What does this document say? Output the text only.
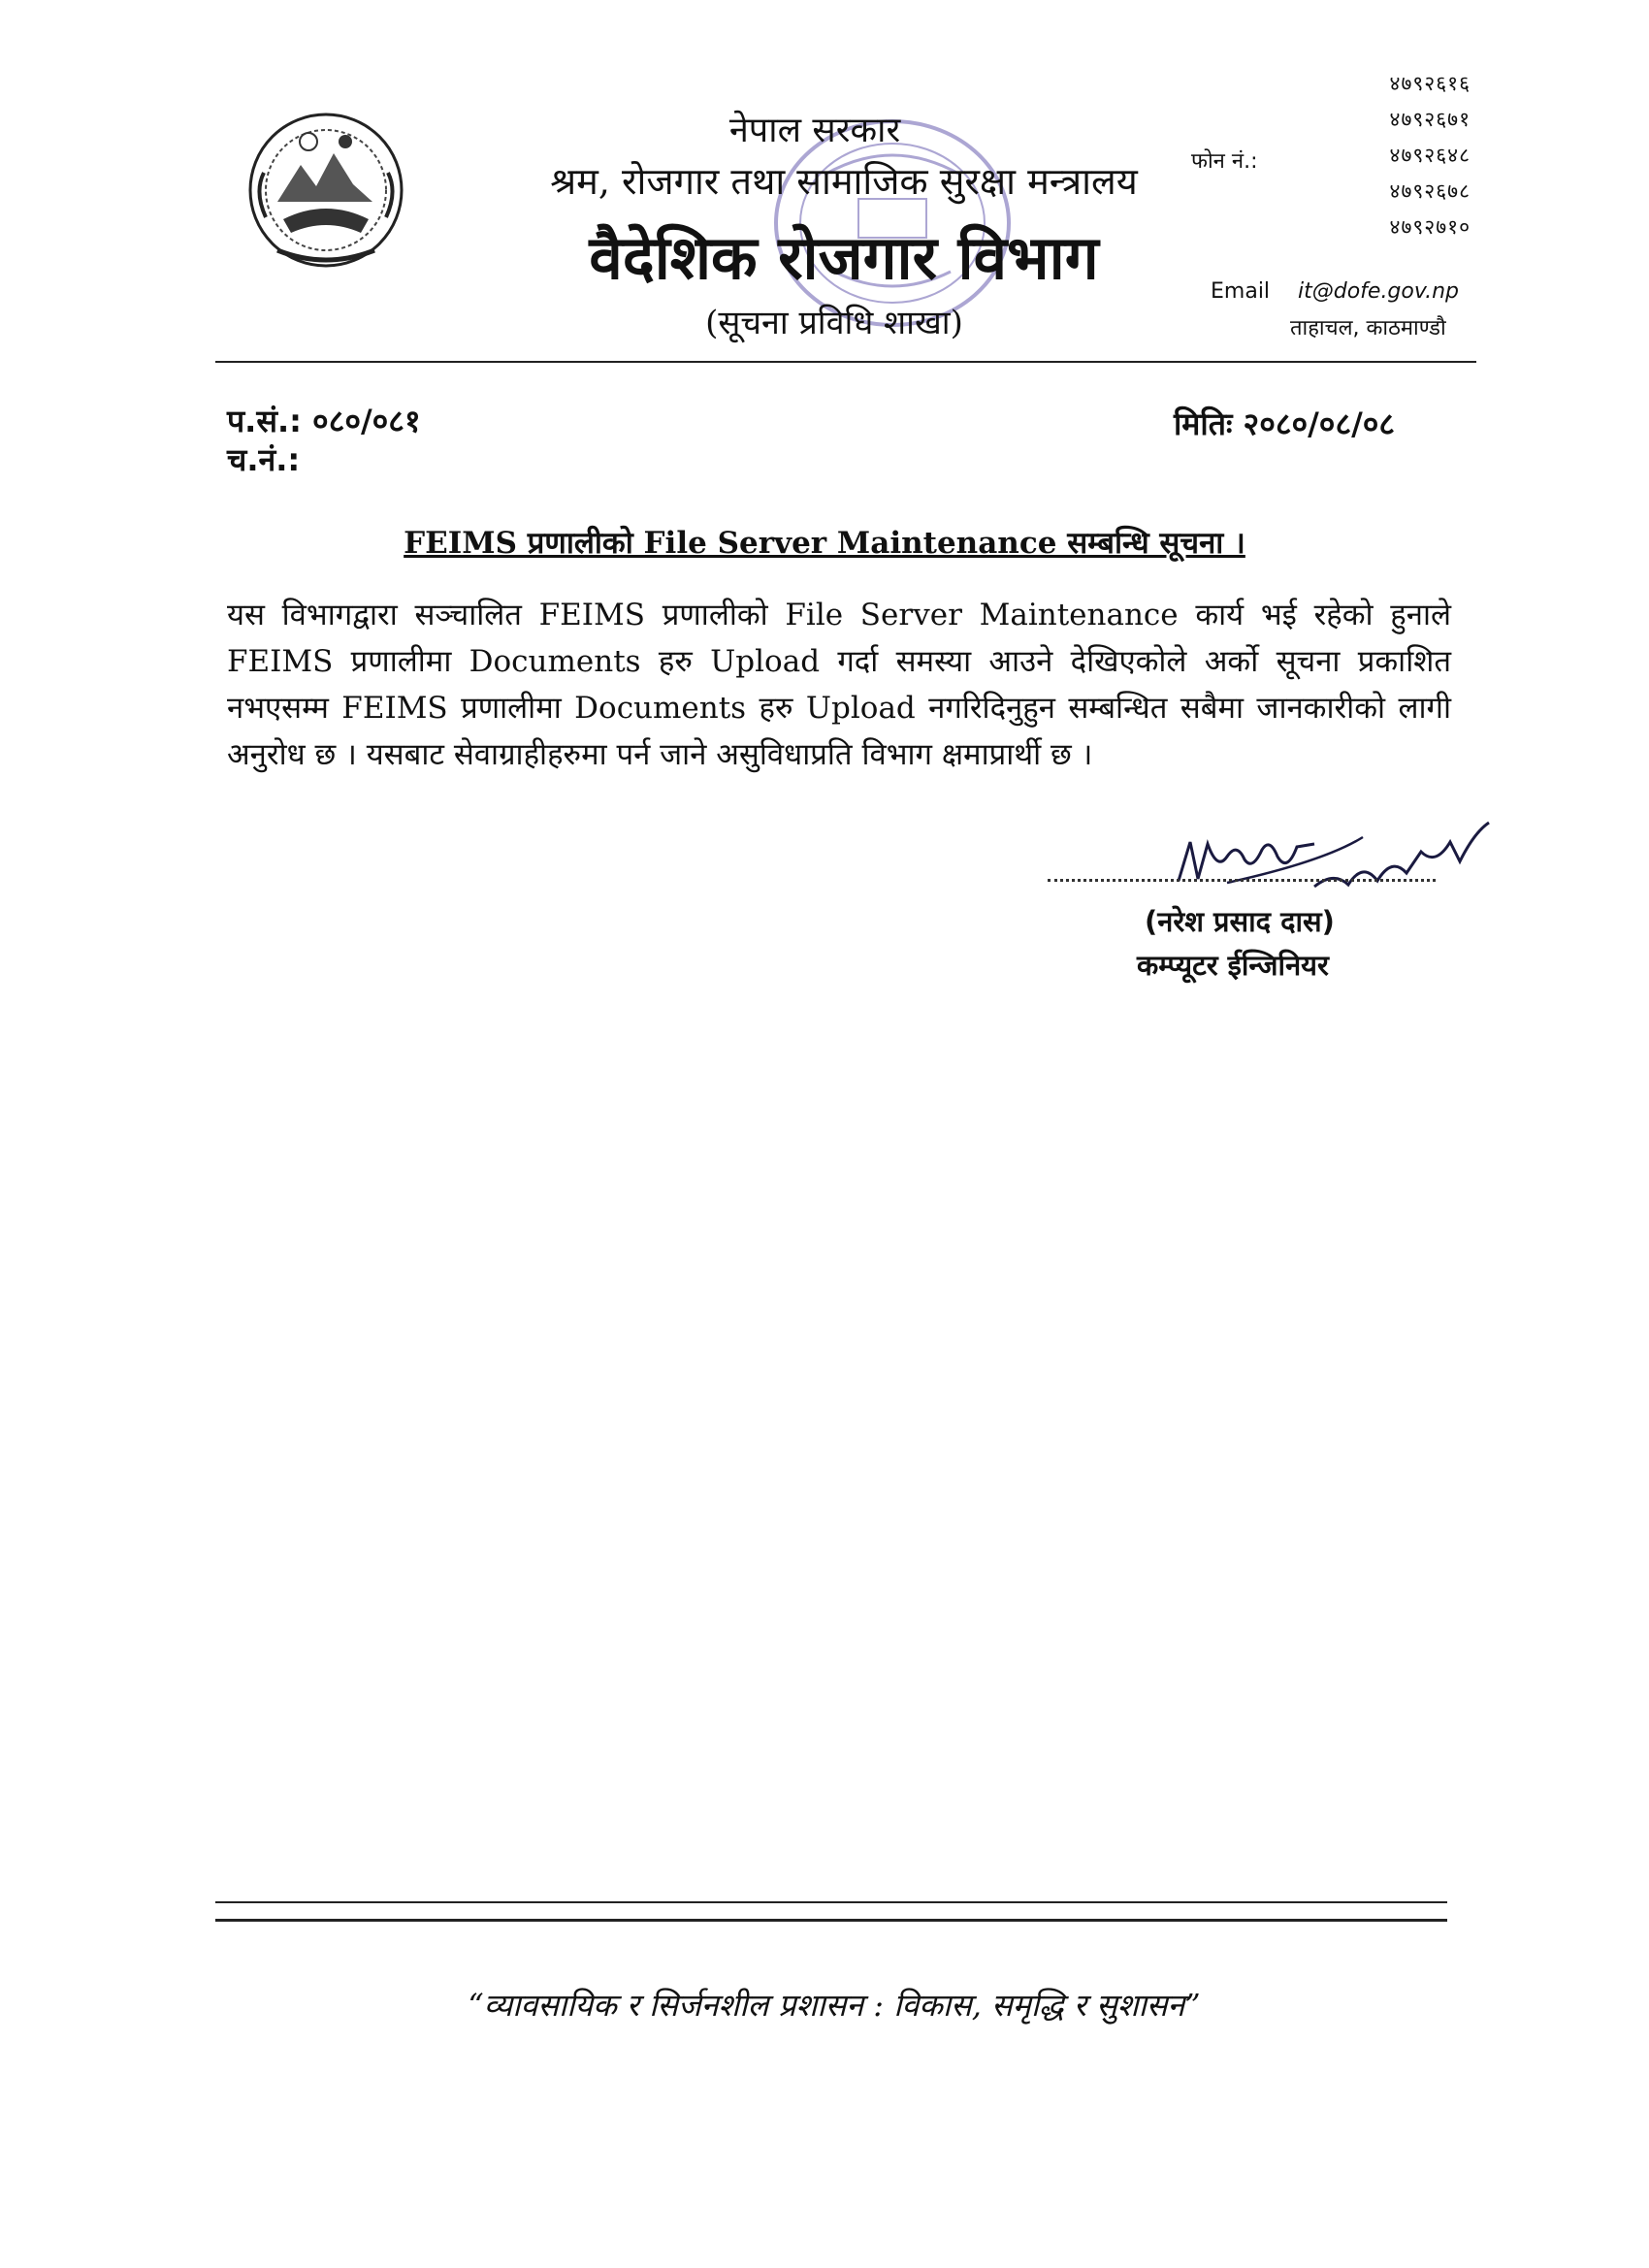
नेपाल सरकार
श्रम, रोजगार तथा सामाजिक सुरक्षा मन्त्रालय
वैदेशिक रोजगार विभाग
(सूचना प्रविधि शाखा)
फोन नं.:
४७९२६१६
४७९२६७१
४७९२६४८
४७९२६७८
४७९२७१०
Email it@dofe.gov.np
ताहाचल, काठमाण्डौ
प.सं.: ०८०/०८१
च.नं.:
मितिः २०८०/०८/०८
FEIMS प्रणालीको File Server Maintenance सम्बन्धि सूचना ।
यस विभागद्वारा सञ्चालित FEIMS प्रणालीको File Server Maintenance कार्य भई रहेको हुनाले FEIMS प्रणालीमा Documents हरु Upload गर्दा समस्या आउने देखिएकोले अर्को सूचना प्रकाशित नभएसम्म FEIMS प्रणालीमा Documents हरु Upload नगरिदिनुहुन सम्बन्धित सबैमा जानकारीको लागी अनुरोध छ । यसबाट सेवाग्राहीहरुमा पर्न जाने असुविधाप्रति विभाग क्षमाप्रार्थी छ ।
(नरेश प्रसाद दास)
कम्प्यूटर ईन्जिनियर
“व्यावसायिक र सिर्जनशील प्रशासन : विकास, समृद्धि र सुशासन”
